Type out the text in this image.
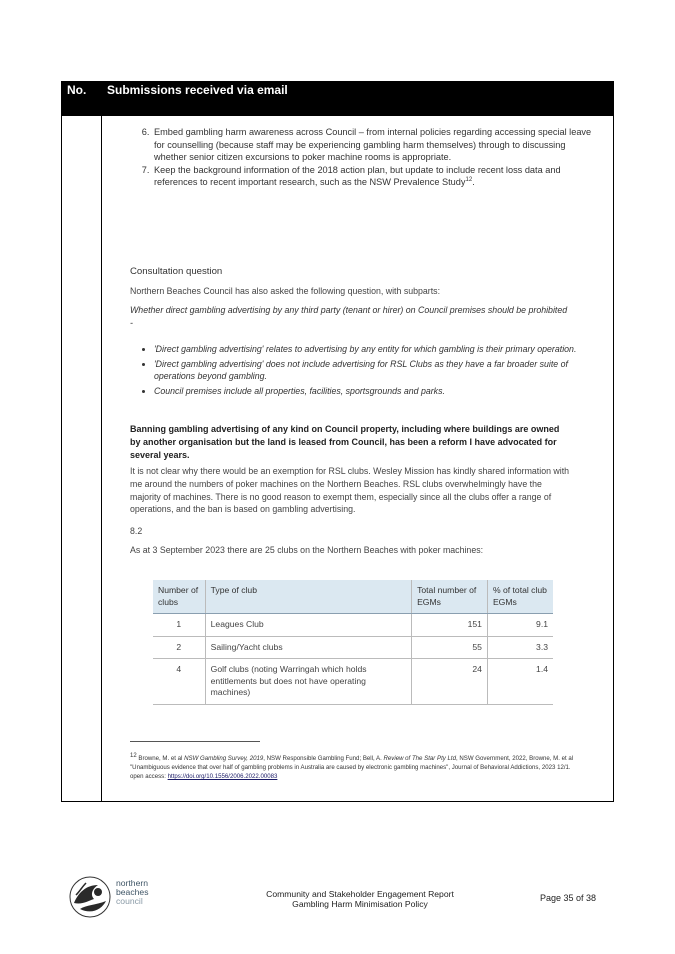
No. Submissions received via email
6. Embed gambling harm awareness across Council – from internal policies regarding accessing special leave for counselling (because staff may be experiencing gambling harm themselves) through to discussing whether senior citizen excursions to poker machine rooms is appropriate.
7. Keep the background information of the 2018 action plan, but update to include recent loss data and references to recent important research, such as the NSW Prevalence Study$^{12}$.
Consultation question
Northern Beaches Council has also asked the following question, with subparts:
Whether direct gambling advertising by any third party (tenant or hirer) on Council premises should be prohibited -
• 'Direct gambling advertising' relates to advertising by any entity for which gambling is their primary operation.
• 'Direct gambling advertising' does not include advertising for RSL Clubs as they have a far broader suite of operations beyond gambling.
• Council premises include all properties, facilities, sportsgrounds and parks.
Banning gambling advertising of any kind on Council property, including where buildings are owned by another organisation but the land is leased from Council, has been a reform I have advocated for several years.
It is not clear why there would be an exemption for RSL clubs. Wesley Mission has kindly shared information with me around the numbers of poker machines on the Northern Beaches. RSL clubs overwhelmingly have the majority of machines. There is no good reason to exempt them, especially since all the clubs offer a range of operations, and the ban is based on gambling advertising.
8.2
As at 3 September 2023 there are 25 clubs on the Northern Beaches with poker machines:
Number of clubs	Type of club	Total number of EGMs	% of total club EGMs
1	Leagues Club	151	9.1
2	Sailing/Yacht clubs	55	3.3
4	Golf clubs (noting Warringah which holds entitlements but does not have operating machines)	24	1.4
$^{12}$ Browne, M. et al NSW Gambling Survey, 2019, NSW Responsible Gambling Fund; Bell, A. Review of The Star Pty Ltd, NSW Government, 2022, Browne, M. et al "Unambiguous evidence that over half of gambling problems in Australia are caused by electronic gambling machines", Journal of Behavioral Addictions, 2023 12/1. open access: https://doi.org/10.1556/2006.2022.00083
northern
beaches
council
Community and Stakeholder Engagement Report
Gambling Harm Minimisation Policy
Page 35 of 38
